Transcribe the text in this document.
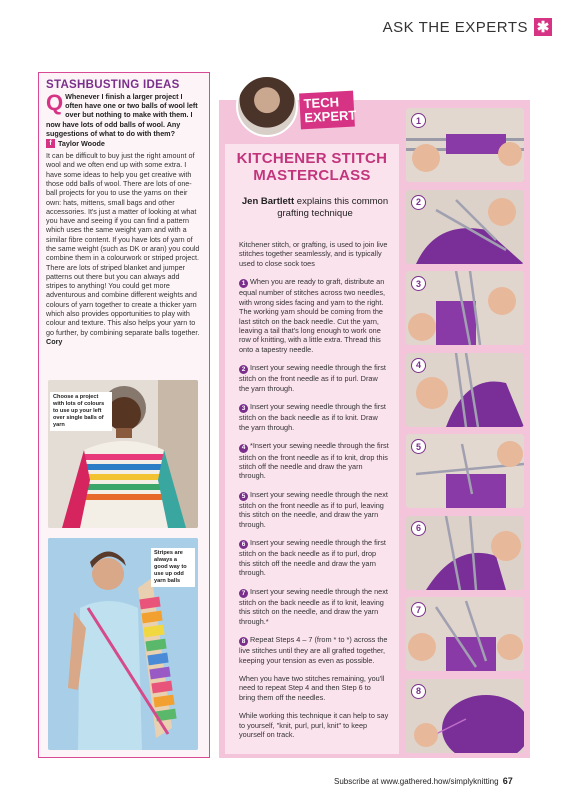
ASK THE EXPERTS ✱
STASHBUSTING IDEAS
Q Whenever I finish a larger project I often have one or two balls of wool left over but nothing to make with them. I now have lots of odd balls of wool. Any suggestions of what to do with them?
f Taylor Woode
It can be difficult to buy just the right amount of wool and we often end up with some extra. I have some ideas to help you get creative with those odd balls of wool. There are lots of one-ball projects for you to use the yarns on their own: hats, mittens, small bags and other accessories. It's just a matter of looking at what you have and seeing if you can find a pattern which uses the same weight yarn and with a similar fibre content. If you have lots of yarn of the same weight (such as DK or aran) you could combine them in a colourwork or striped project. There are lots of striped blanket and jumper patterns out there but you can always add stripes to anything! You could get more adventurous and combine different weights and colours of yarn together to create a thicker yarn which also provides opportunities to play with colour and texture. This also helps your yarn to go further, by combining separate balls together. Cory
Choose a project with lots of colours to use up your left over single balls of yarn
Stripes are always a good way to use up odd yarn balls
TECH
EXPERT
KITCHENER STITCH
MASTERCLASS
Jen Bartlett explains this common grafting technique

Kitchener stitch, or grafting, is used to join live stitches together seamlessly, and is typically used to close sock toes

1 When you are ready to graft, distribute an equal number of stitches across two needles, with wrong sides facing and yarn to the right. The working yarn should be coming from the last stitch on the back needle. Cut the yarn, leaving a tail that's long enough to work one row of knitting, with a little extra. Thread this onto a tapestry needle.

2 Insert your sewing needle through the first stitch on the front needle as if to purl. Draw the yarn through.

3 Insert your sewing needle through the first stitch on the back needle as if to knit. Draw the yarn through.

4 *Insert your sewing needle through the first stitch on the front needle as if to knit, drop this stitch off the needle and draw the yarn through.

5 Insert your sewing needle through the next stitch on the front needle as if to purl, leaving this stitch on the needle, and draw the yarn through.

6 Insert your sewing needle through the first stitch on the back needle as if to purl, drop this stitch off the needle and draw the yarn through.

7 Insert your sewing needle through the next stitch on the back needle as if to knit, leaving this stitch on the needle, and draw the yarn through.*

8 Repeat Steps 4 – 7 (from * to *) across the live stitches until they are all grafted together, keeping your tension as even as possible.

When you have two stitches remaining, you'll need to repeat Step 4 and then Step 6 to bring them off the needles.

While working this technique it can help to say to yourself, "knit, purl, purl, knit" to keep yourself on track.

1
2
3
4
5
6
7
8
Subscribe at www.gathered.how/simplyknitting 67
